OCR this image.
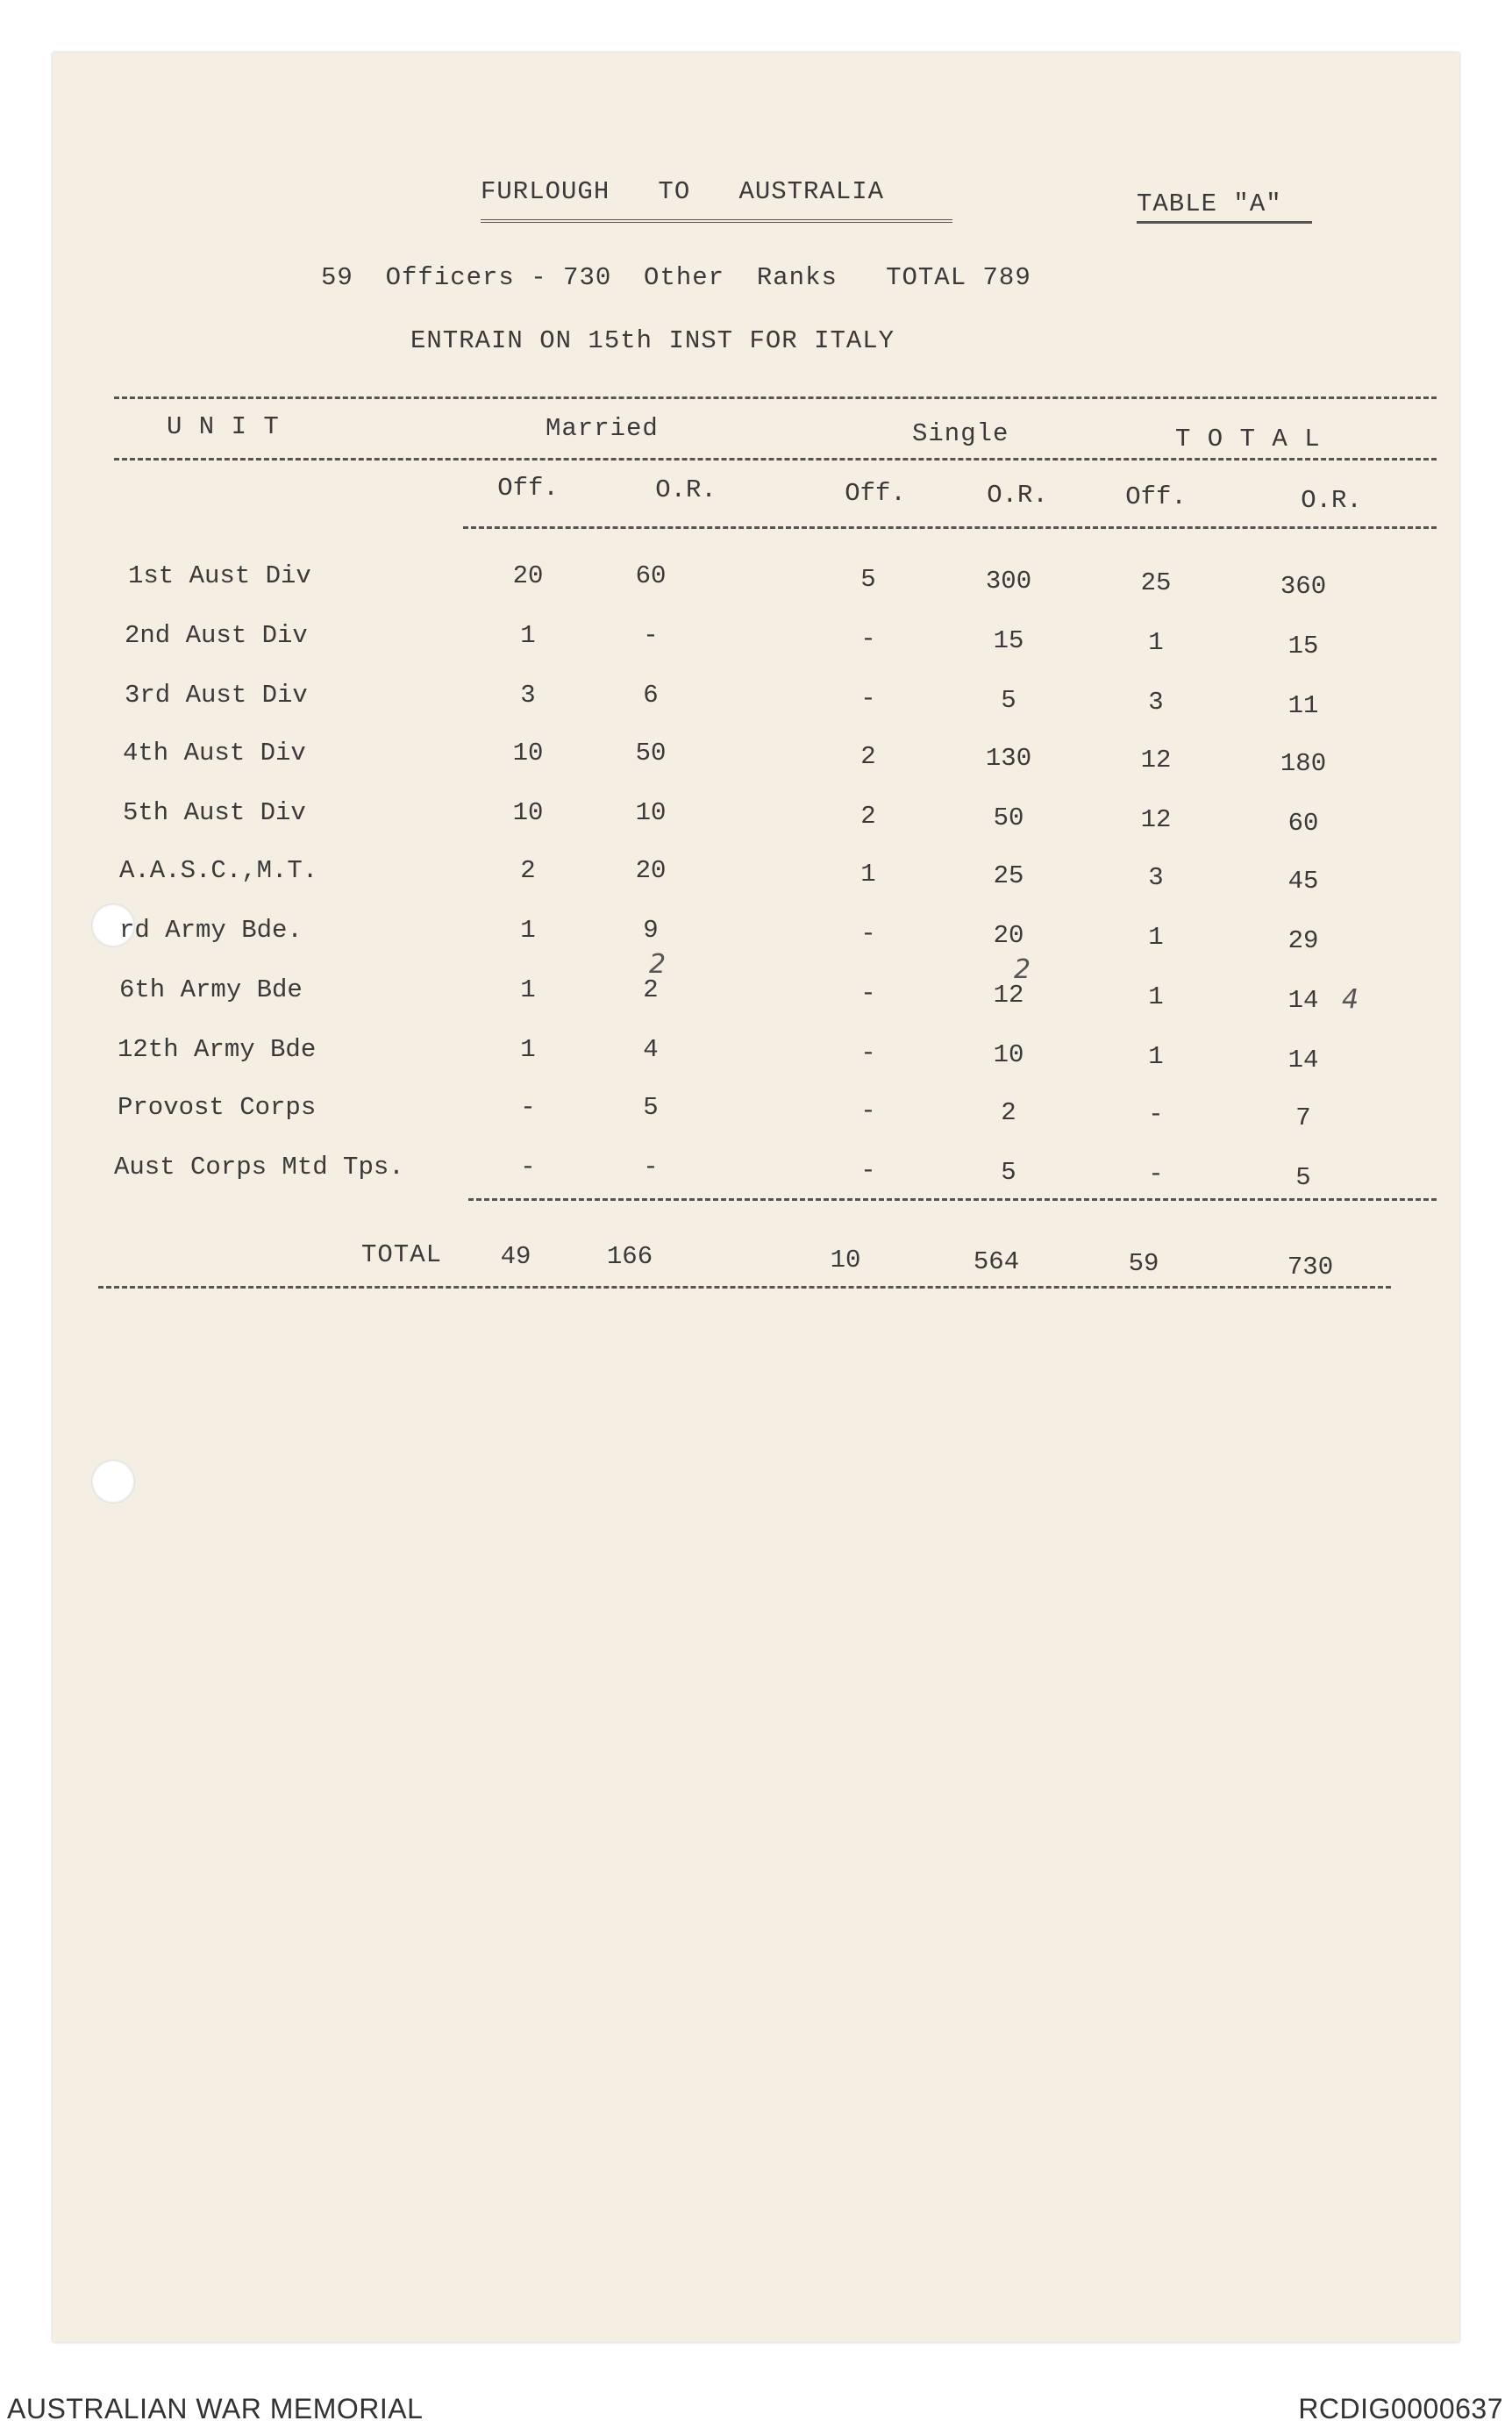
FURLOUGH   TO   AUSTRALIA	TABLE "A"
59  Officers - 730  Other  Ranks   TOTAL 789
ENTRAIN ON 15th INST FOR ITALY
U N I T	Married	Single	T O T A L
Off.	O.R.	Off.	O.R.	Off.	O.R.
1st Aust Div	20	60	5	300	25	360
2nd Aust Div	1	-	-	15	1	15
3rd Aust Div	3	6	-	5	3	11
4th Aust Div	10	50	2	130	12	180
5th Aust Div	10	10	2	50	12	60
A.A.S.C.,M.T.	2	20	1	25	3	45
rd Army Bde.	1	9	-	20	1	29
6th Army Bde	1	2	-	12	1	14
12th Army Bde	1	4	-	10	1	14
Provost Corps	-	5	-	2	-	7
Aust Corps Mtd Tps.	-	-	-	5	-	5
2	2
4
TOTAL	49	166	10	564	59	730
AUSTRALIAN WAR MEMORIAL	RCDIG0000637
